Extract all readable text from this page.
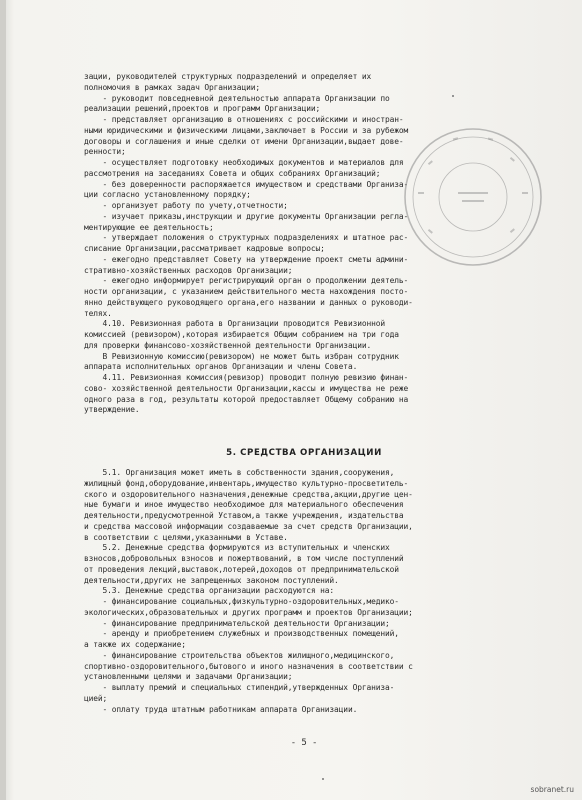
зации, руководителей структурных подразделений и определяет их

полномочия в рамках задач Организации;

- руководит повседневной деятельностью аппарата Организации по

реализации решений,проектов и программ Организации;

- представляет организацию в отношениях с российскими и иностран-

ными юридическими и физическими лицами,заключает в России и за рубежом

договоры и соглашения и иные сделки от имени Организации,выдает дове-

ренности;

- осуществляет подготовку необходимых документов и материалов для

рассмотрения на заседаниях Совета и общих собраниях Организаций;

- без доверенности распоряжается имуществом и средствами Организа-

ции согласно установленному порядку;

- организует работу по учету,отчетности;

- изучает приказы,инструкции и другие документы Организации регла-

ментирующие ее деятельность;

- утверждает положения о структурных подразделениях и штатное рас-

списание Организации,рассматривает кадровые вопросы;

- ежегодно представляет Совету на утверждение проект сметы админи-

стративно-хозяйственных расходов Организации;

- ежегодно информирует регистрирующий орган о продолжении деятель-

ности организации, с указанием действительного места нахождения посто-

янно действующего руководящего органа,его названии и данных о руководи-

телях.

4.10. Ревизионная работа в Организации проводится Ревизионной

комиссией (ревизором),которая избирается Общим собранием на три года

для проверки финансово-хозяйственной деятельности Организации.

В Ревизионную комиссию(ревизором) не может быть избран сотрудник

аппарата исполнительных органов Организации и члены Совета.

4.11. Ревизионная комиссия(ревизор) проводит полную ревизию финан-

сово- хозяйственной деятельности Организации,кассы и имущества не реже

одного раза в год, результаты которой предоставляет Общему собранию на

утверждение.

5. СРЕДСТВА ОРГАНИЗАЦИИ

5.1. Организация может иметь в собственности здания,сооружения,

жилищный фонд,оборудование,инвентарь,имущество культурно-просветитель-

ского и оздоровительного назначения,денежные средства,акции,другие цен-

ные бумаги и иное имущество необходимое для материального обеспечения

деятельности,предусмотренной Уставом,а также учреждения, издательства

и средства массовой информации создаваемые за счет средств Организации,

в соответствии с целями,указанными в Уставе.

5.2. Денежные средства формируются из вступительных и членских

взносов,добровольных взносов и пожертвований, в том числе поступлений

от проведения лекций,выставок,лотерей,доходов от предпринимательской

деятельности,других не запрещенных законом поступлений.

5.3. Денежные средства организации расходуются на:

- финансирование социальных,физкультурно-оздоровительных,медико-

экологических,образовательных и других программ и проектов Организации;

- финансирование предпринимательской деятельности Организации;

- аренду и приобретением служебных и производственных помещений,

а также их содержание;

- финансирование строительства объектов жилищного,медицинского,

спортивно-оздоровительного,бытового и иного назначения в соответствии с

установленными целями и задачами Организации;

- выплату премий и специальных стипендий,утвержденных Организа-

цией;

- оплату труда штатным работникам аппарата Организации.

- 5 -
sobranet.ru
